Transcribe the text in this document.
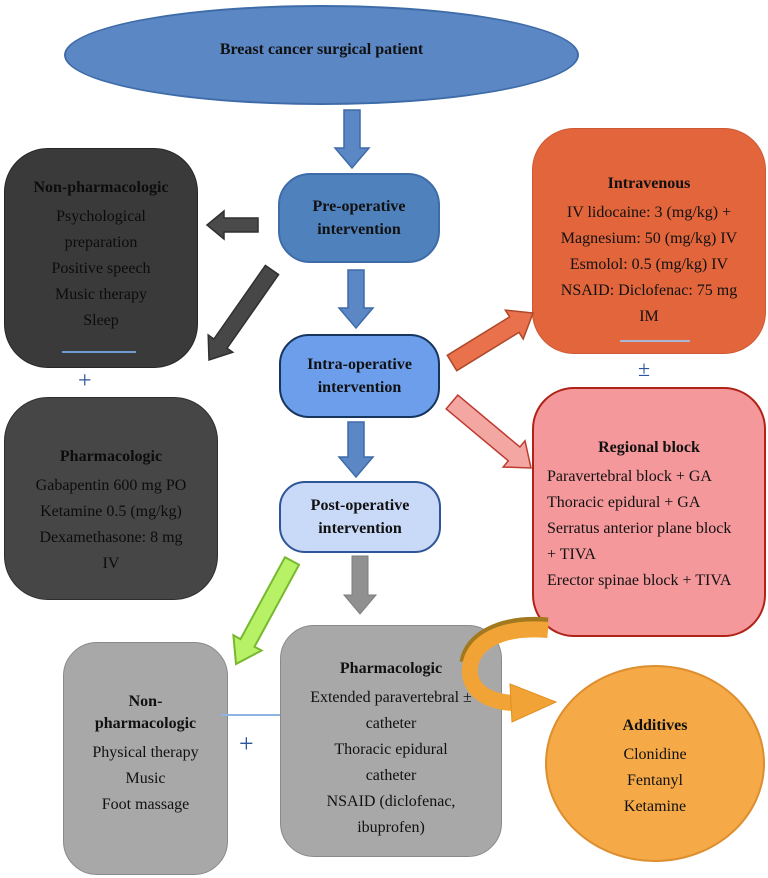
Breast cancer surgical patient
Pre-operative intervention
Intra-operative intervention
Post-operative intervention
Non-pharmacologic
Psychological
preparation
Positive speech
Music therapy
Sleep
+
Pharmacologic
Gabapentin 600 mg PO
Ketamine 0.5 (mg/kg)
Dexamethasone: 8 mg
IV
Intravenous
IV lidocaine: 3 (mg/kg) +
Magnesium: 50 (mg/kg) IV
Esmolol: 0.5 (mg/kg) IV
NSAID: Diclofenac: 75 mg
IM
±
Regional block
Paravertebral block + GA
Thoracic epidural + GA
Serratus anterior plane block
+ TIVA
Erector spinae block + TIVA
Non-pharmacologic
Physical therapy
Music
Foot massage
+
Pharmacologic
Extended paravertebral ±
catheter
Thoracic epidural
catheter
NSAID (diclofenac,
ibuprofen)
Additives
Clonidine
Fentanyl
Ketamine
